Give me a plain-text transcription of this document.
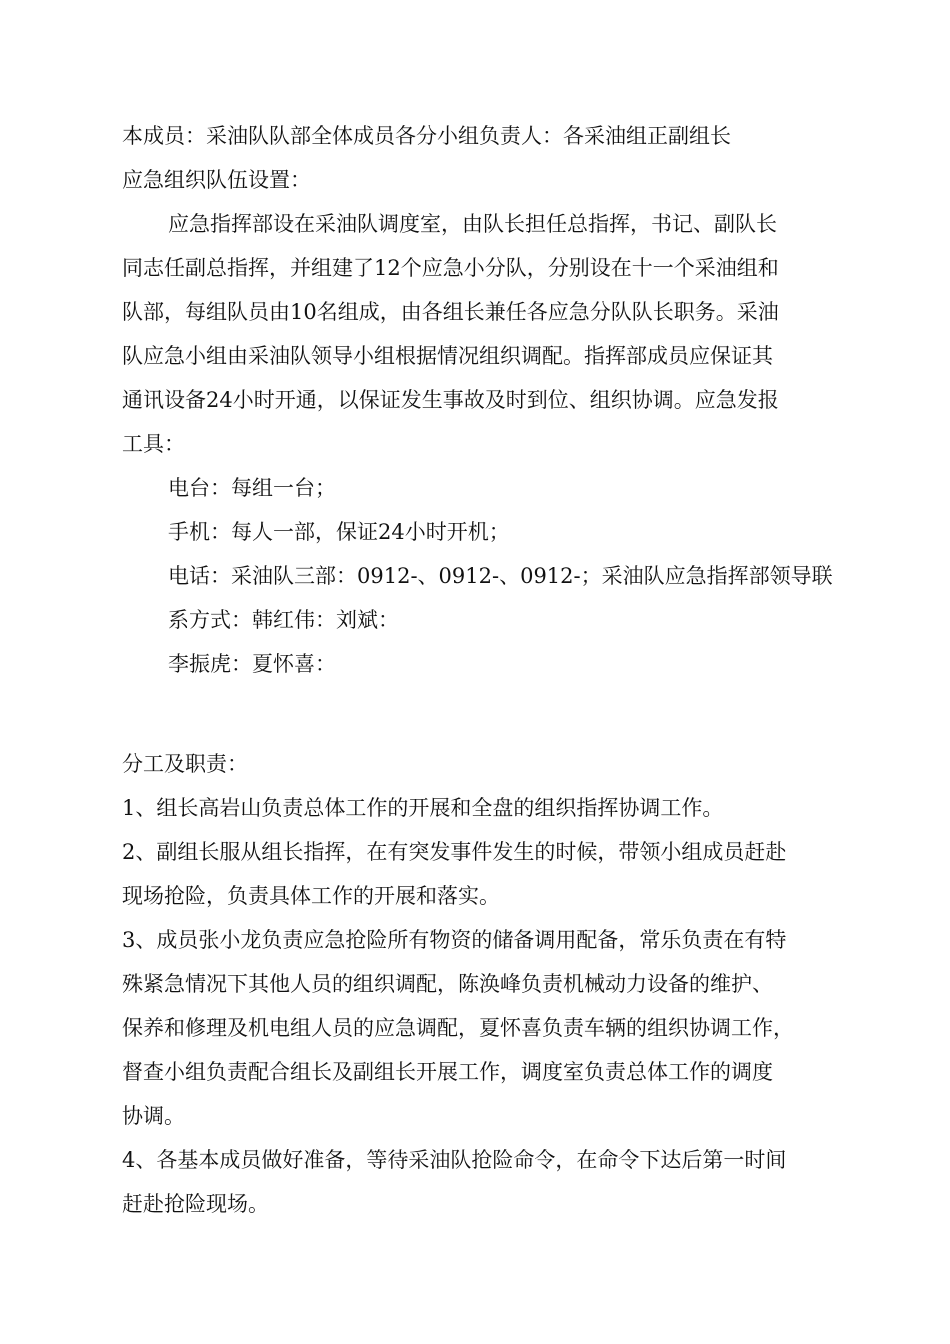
本成员：采油队队部全体成员各分小组负责人：各采油组正副组长
应急组织队伍设置：
应急指挥部设在采油队调度室，由队长担任总指挥，书记、副队长
同志任副总指挥，并组建了12个应急小分队，分别设在十一个采油组和
队部，每组队员由10名组成，由各组长兼任各应急分队队长职务。采油
队应急小组由采油队领导小组根据情况组织调配。指挥部成员应保证其
通讯设备24小时开通，以保证发生事故及时到位、组织协调。应急发报
工具：
电台：每组一台；
手机：每人一部，保证24小时开机；
电话：采油队三部：0912-、0912-、0912-；采油队应急指挥部领导联
系方式：韩红伟：刘斌：
李振虎：夏怀喜：
分工及职责：
1、组长高岩山负责总体工作的开展和全盘的组织指挥协调工作。
2、副组长服从组长指挥，在有突发事件发生的时候，带领小组成员赶赴
现场抢险，负责具体工作的开展和落实。
3、成员张小龙负责应急抢险所有物资的储备调用配备，常乐负责在有特
殊紧急情况下其他人员的组织调配，陈涣峰负责机械动力设备的维护、
保养和修理及机电组人员的应急调配，夏怀喜负责车辆的组织协调工作，
督查小组负责配合组长及副组长开展工作，调度室负责总体工作的调度
协调。
4、各基本成员做好准备，等待采油队抢险命令，在命令下达后第一时间
赶赴抢险现场。
